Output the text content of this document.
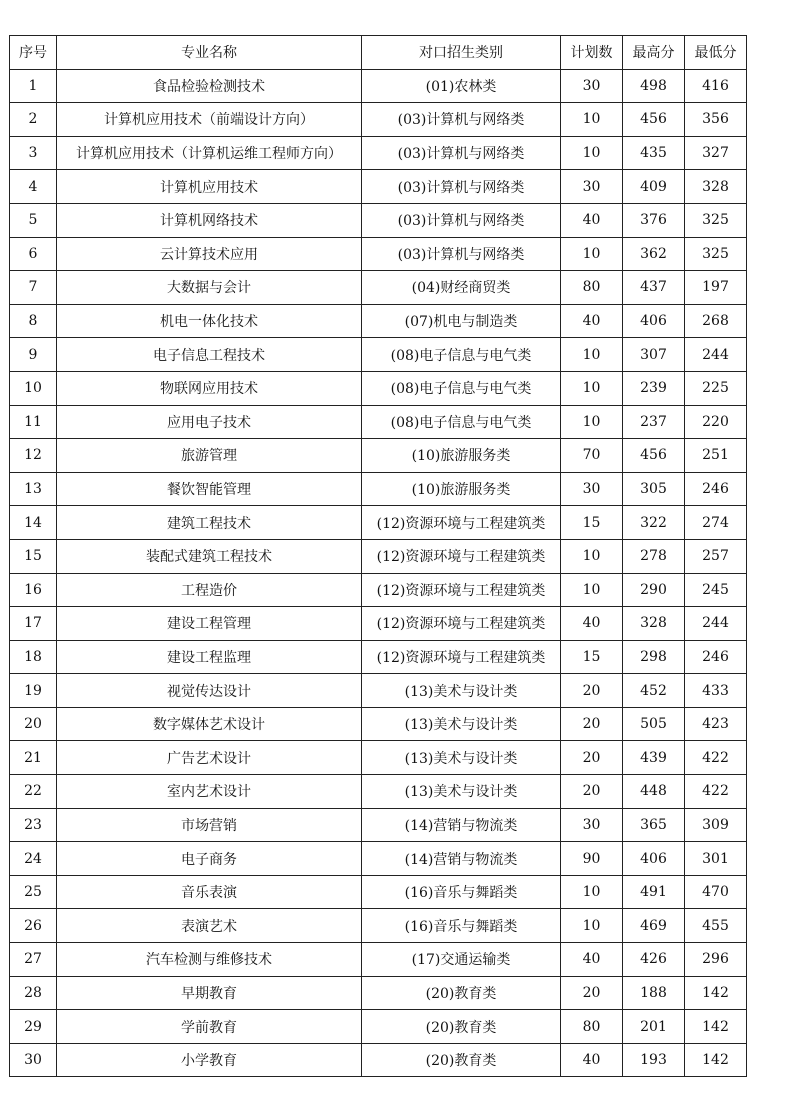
序号	专业名称	对口招生类别	计划数	最高分	最低分
1	食品检验检测技术	(01)农林类	30	498	416
2	计算机应用技术（前端设计方向）	(03)计算机与网络类	10	456	356
3	计算机应用技术（计算机运维工程师方向）	(03)计算机与网络类	10	435	327
4	计算机应用技术	(03)计算机与网络类	30	409	328
5	计算机网络技术	(03)计算机与网络类	40	376	325
6	云计算技术应用	(03)计算机与网络类	10	362	325
7	大数据与会计	(04)财经商贸类	80	437	197
8	机电一体化技术	(07)机电与制造类	40	406	268
9	电子信息工程技术	(08)电子信息与电气类	10	307	244
10	物联网应用技术	(08)电子信息与电气类	10	239	225
11	应用电子技术	(08)电子信息与电气类	10	237	220
12	旅游管理	(10)旅游服务类	70	456	251
13	餐饮智能管理	(10)旅游服务类	30	305	246
14	建筑工程技术	(12)资源环境与工程建筑类	15	322	274
15	装配式建筑工程技术	(12)资源环境与工程建筑类	10	278	257
16	工程造价	(12)资源环境与工程建筑类	10	290	245
17	建设工程管理	(12)资源环境与工程建筑类	40	328	244
18	建设工程监理	(12)资源环境与工程建筑类	15	298	246
19	视觉传达设计	(13)美术与设计类	20	452	433
20	数字媒体艺术设计	(13)美术与设计类	20	505	423
21	广告艺术设计	(13)美术与设计类	20	439	422
22	室内艺术设计	(13)美术与设计类	20	448	422
23	市场营销	(14)营销与物流类	30	365	309
24	电子商务	(14)营销与物流类	90	406	301
25	音乐表演	(16)音乐与舞蹈类	10	491	470
26	表演艺术	(16)音乐与舞蹈类	10	469	455
27	汽车检测与维修技术	(17)交通运输类	40	426	296
28	早期教育	(20)教育类	20	188	142
29	学前教育	(20)教育类	80	201	142
30	小学教育	(20)教育类	40	193	142
